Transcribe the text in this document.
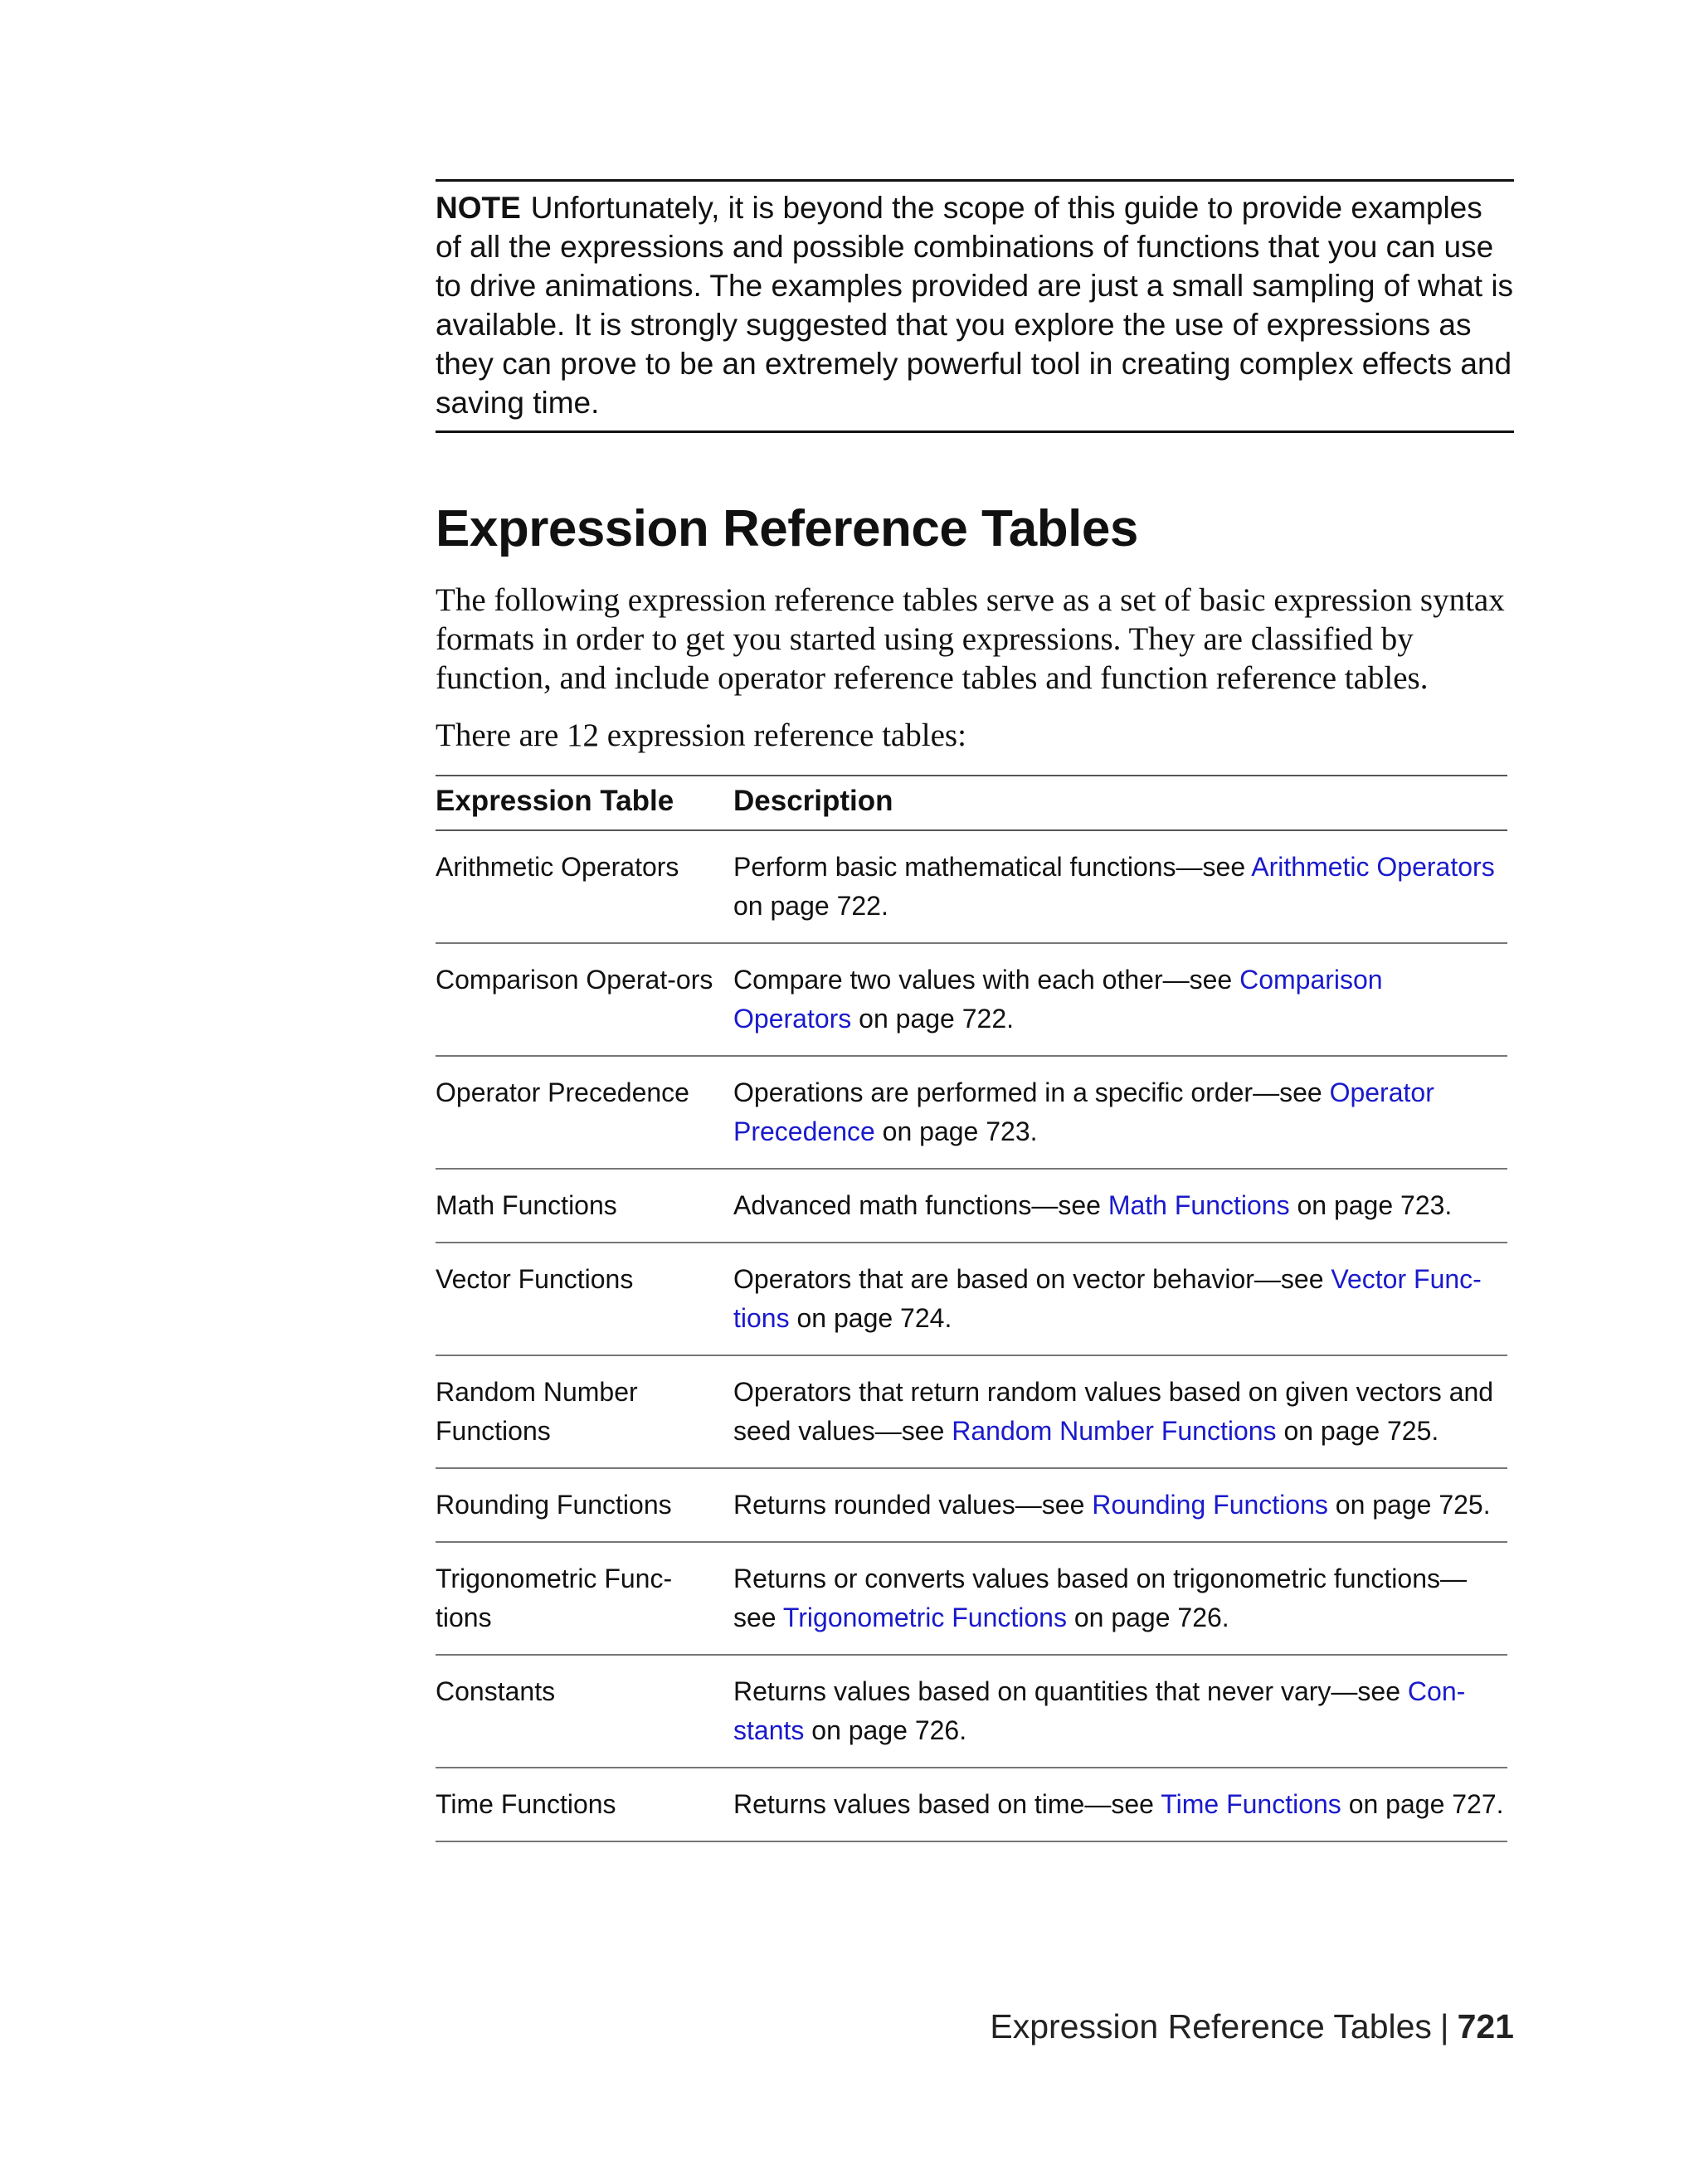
NOTE Unfortunately, it is beyond the scope of this guide to provide examples of all the expressions and possible combinations of functions that you can use to drive animations. The examples provided are just a small sampling of what is available. It is strongly suggested that you explore the use of expressions as they can prove to be an extremely powerful tool in creating complex effects and saving time.
Expression Reference Tables

The following expression reference tables serve as a set of basic expression syntax formats in order to get you started using expressions. They are classified by function, and include operator reference tables and function reference tables.

There are 12 expression reference tables:

Expression Table	Description
Arithmetic Operators	Perform basic mathematical functions—see Arithmetic Operators on page 722.
Comparison Operat-ors	Compare two values with each other—see Comparison Operators on page 722.
Operator Precedence	Operations are performed in a specific order—see Operator Precedence on page 723.
Math Functions	Advanced math functions—see Math Functions on page 723.
Vector Functions	Operators that are based on vector behavior—see Vector Func-tions on page 724.
Random Number Functions	Operators that return random values based on given vectors and seed values—see Random Number Functions on page 725.
Rounding Functions	Returns rounded values—see Rounding Functions on page 725.
Trigonometric Func-tions	Returns or converts values based on trigonometric functions—see Trigonometric Functions on page 726.
Constants	Returns values based on quantities that never vary—see Con-stants on page 726.
Time Functions	Returns values based on time—see Time Functions on page 727.
Expression Reference Tables | 721
